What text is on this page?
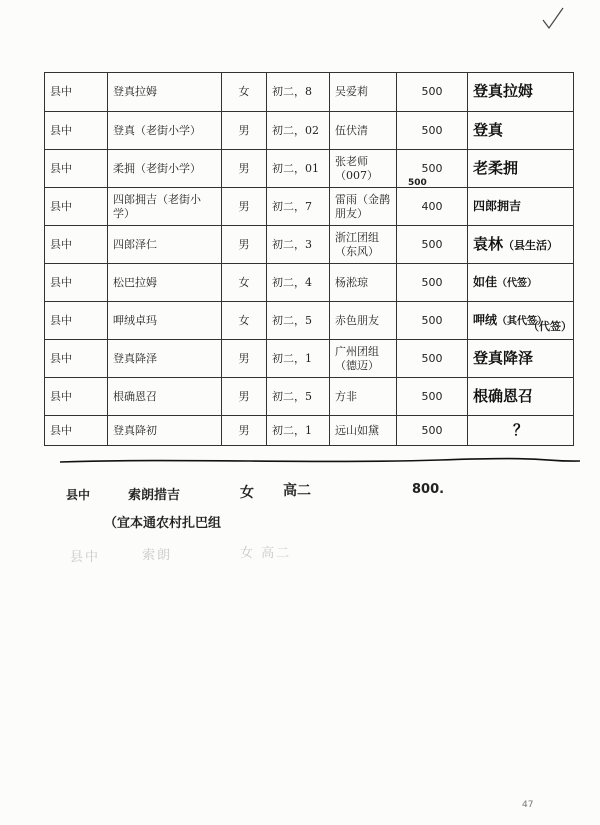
县中	登真拉姆	女	初二，8	吴爱莉	500	登真拉姆
县中	登真（老街小学）	男	初二，02	伍伏清	500	登真
县中	柔拥（老街小学）	男	初二，01	张老师（007）	500	老柔拥
县中	四郎拥吉（老街小学）	男	初二，7	雷雨（金鹊朋友）	400	四郎拥吉
县中	四郎泽仁	男	初二，3	浙江团组（东风）	500	袁林（县生活）
县中	松巴拉姆	女	初二，4	杨淞琼	500	如佳（代签）
县中	呷绒卓玛	女	初二，5	赤色朋友	500	呷绒（其代签）
县中	登真降泽	男	初二，1	广州团组（德迈）	500	登真降泽
县中	根确恩召	男	初二，5	方非	500	根确恩召
县中	登真降初	男	初二，1	远山如黛	500	？
500
（代签）
县中	索朗措吉	女 高二	800.
（宜本通农村扎巴组
县中	索朗	女 高二
47
